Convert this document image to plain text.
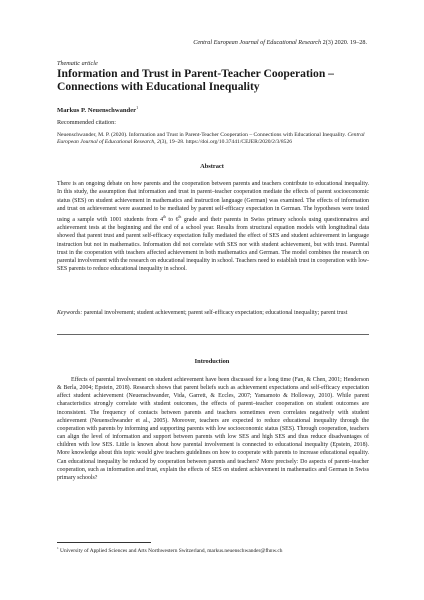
Central European Journal of Educational Research 2(3) 2020. 19–28.
Thematic article
Information and Trust in Parent-Teacher Cooperation – Connections with Educational Inequality
Markus P. Neuenschwander$^1$
Recommended citation:
Neuenschwander, M. P. (2020). Information and Trust in Parent-Teacher Cooperation – Connections with Educational Inequality. Central European Journal of Educational Research, 2(3), 19–28. https://doi.org/10.37441/CEJER/2020/2/3/8526
Abstract
There is an ongoing debate on how parents and the cooperation between parents and teachers contribute to educational inequality. In this study, the assumption that information and trust in parent–teacher cooperation mediate the effects of parent socioeconomic status (SES) on student achievement in mathematics and instruction language (German) was examined. The effects of information and trust on achievement were assumed to be mediated by parent self-efficacy expectation in German. The hypotheses were tested using a sample with 1001 students from 4th to 6th grade and their parents in Swiss primary schools using questionnaires and achievement tests at the beginning and the end of a school year. Results from structural equation models with longitudinal data showed that parent trust and parent self-efficacy expectation fully mediated the effect of SES and student achievement in language instruction but not in mathematics. Information did not correlate with SES nor with student achievement, but with trust. Parental trust in the cooperation with teachers affected achievement in both mathematics and German. The model combines the research on parental involvement with the research on educational inequality in school. Teachers need to establish trust in cooperation with low-SES parents to reduce educational inequality in school.
Keywords: parental involvement; student achievement; parent self-efficacy expectation; educational inequality; parent trust
Introduction
Effects of parental involvement on student achievement have been discussed for a long time (Fan, & Chen, 2001; Henderson & Berla, 2004; Epstein, 2018). Research shows that parent beliefs such as achievement expectations and self-efficacy expectation affect student achievement (Neuenschwander, Vida, Garrett, & Eccles, 2007; Yamamoto & Holloway, 2010). While parent characteristics strongly correlate with student outcomes, the effects of parent–teacher cooperation on student outcomes are inconsistent. The frequency of contacts between parents and teachers sometimes even correlates negatively with student achievement (Neuenschwander et al., 2005). Moreover, teachers are expected to reduce educational inequality through the cooperation with parents by informing and supporting parents with low socioeconomic status (SES). Through cooperation, teachers can align the level of information and support between parents with low SES and high SES and thus reduce disadvantages of children with low SES. Little is known about how parental involvement is connected to educational inequality (Epstein, 2018). More knowledge about this topic would give teachers guidelines on how to cooperate with parents to increase educational equality. Can educational inequality be reduced by cooperation between parents and teachers? More precisely: Do aspects of parent–teacher cooperation, such as information and trust, explain the effects of SES on student achievement in mathematics and German in Swiss primary schools?
$^1$ University of Applied Sciences and Arts Northwestern Switzerland, markus.neuenschwander@fhnw.ch
